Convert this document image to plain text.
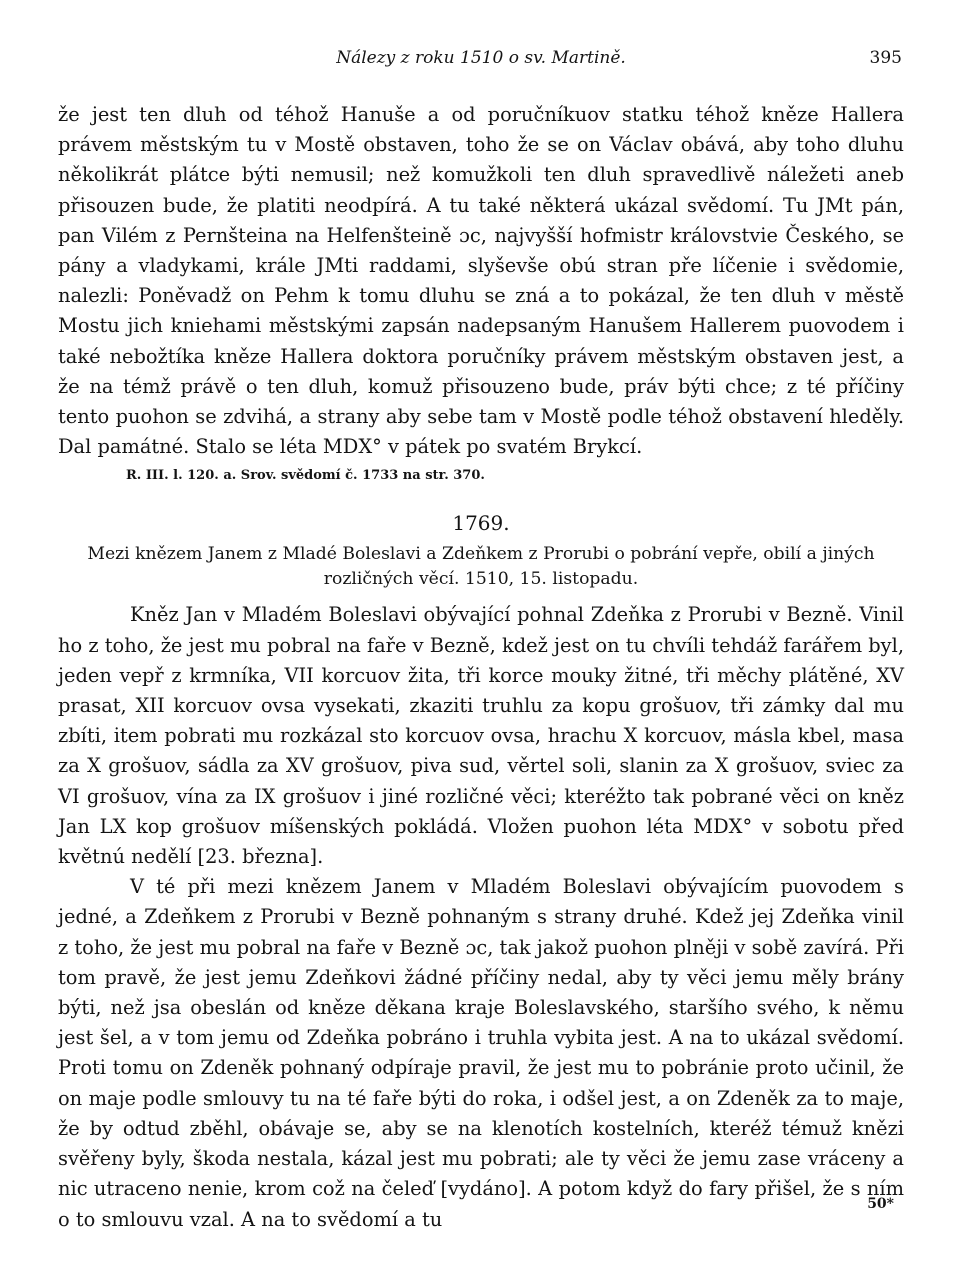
Nálezy z roku 1510 o sv. Martině.	395

že jest ten dluh od téhož Hanuše a od poručníkuov statku téhož kněze Hallera právem městským tu v Mostě obstaven, toho že se on Václav obává, aby toho dluhu několikrát plátce býti nemusil; než komužkoli ten dluh spravedlivě náležeti aneb přisouzen bude, že platiti neodpírá. A tu také některá ukázal svědomí. Tu JMt pán, pan Vilém z Pernšteina na Helfenšteině ɔc, najvyšší hofmistr královstvie Českého, se pány a vladykami, krále JMti raddami, slyševše obú stran pře líčenie i svědomie, nalezli: Poněvadž on Pehm k tomu dluhu se zná a to pokázal, že ten dluh v městě Mostu jich kniehami městskými zapsán nadepsaným Hanušem Hallerem puovodem i také nebožtíka kněze Hallera doktora poručníky právem městským obstaven jest, a že na témž právě o ten dluh, komuž přisouzeno bude, práv býti chce; z té příčiny tento puohon se zdvihá, a strany aby sebe tam v Mostě podle téhož obstavení hleděly. Dal památné. Stalo se léta MDX° v pátek po svatém Brykcí.

R. III. l. 120. a. Srov. svědomí č. 1733 na str. 370.
1769.
Mezi knězem Janem z Mladé Boleslavi a Zdeňkem z Prorubi o pobrání vepře, obilí a jiných rozličných věcí. 1510, 15. listopadu.

Kněz Jan v Mladém Boleslavi obývající pohnal Zdeňka z Prorubi v Bezně. Vinil ho z toho, že jest mu pobral na faře v Bezně, kdež jest on tu chvíli tehdáž farářem byl, jeden vepř z krmníka, VII korcuov žita, tři korce mouky žitné, tři měchy plátěné, XV prasat, XII korcuov ovsa vysekati, zkaziti truhlu za kopu grošuov, tři zámky dal mu zbíti, item pobrati mu rozkázal sto korcuov ovsa, hrachu X korcuov, másla kbel, masa za X grošuov, sádla za XV grošuov, piva sud, věrtel soli, slanin za X grošuov, sviec za VI grošuov, vína za IX grošuov i jiné rozličné věci; kteréžto tak pobrané věci on kněz Jan LX kop grošuov míšenských pokládá. Vložen puohon léta MDX° v sobotu před květnú nedělí [23. března].

V té při mezi knězem Janem v Mladém Boleslavi obývajícím puovodem s jedné, a Zdeňkem z Prorubi v Bezně pohnaným s strany druhé. Kdež jej Zdeňka vinil z toho, že jest mu pobral na faře v Bezně ɔc, tak jakož puohon plněji v sobě zavírá. Při tom pravě, že jest jemu Zdeňkovi žádné příčiny nedal, aby ty věci jemu měly brány býti, než jsa obeslán od kněze děkana kraje Boleslavského, staršího svého, k němu jest šel, a v tom jemu od Zdeňka pobráno i truhla vybita jest. A na to ukázal svědomí. Proti tomu on Zdeněk pohnaný odpíraje pravil, že jest mu to pobránie proto učinil, že on maje podle smlouvy tu na té faře býti do roka, i odšel jest, a on Zdeněk za to maje, že by odtud zběhl, obávaje se, aby se na klenotích kostelních, kteréž témuž knězi svěřeny byly, škoda nestala, kázal jest mu pobrati; ale ty věci že jemu zase vráceny a nic utraceno nenie, krom což na čeleď [vydáno]. A potom když do fary přišel, že s ním o to smlouvu vzal. A na to svědomí a tu

50*
